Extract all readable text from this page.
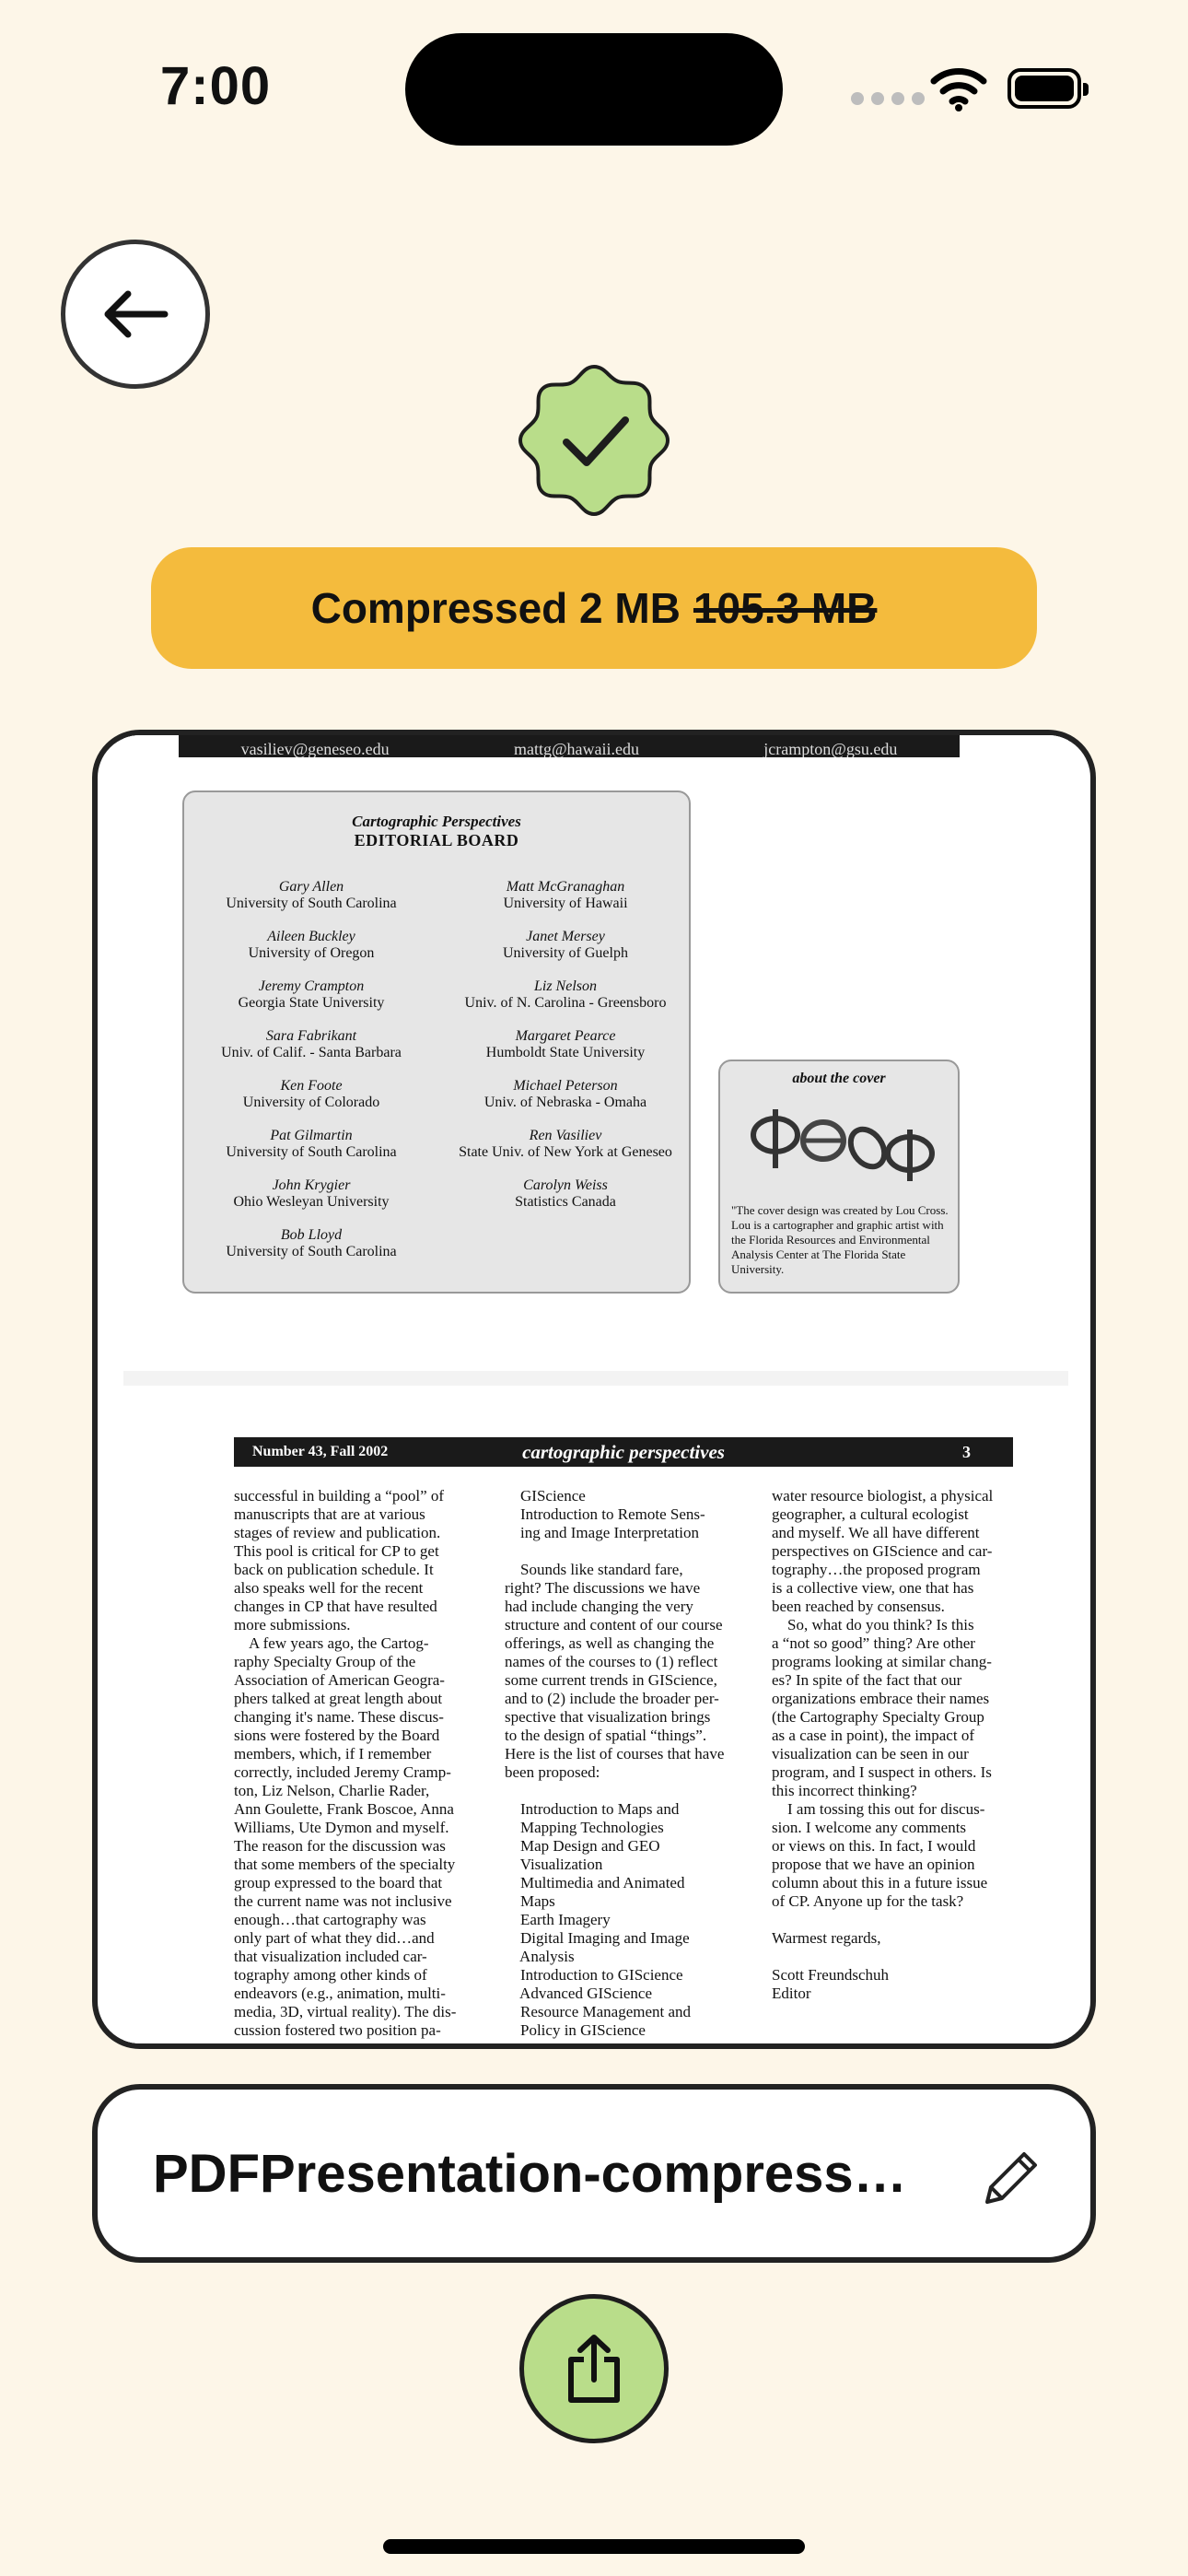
7:00
Compressed 2 MB 105.3 MB
vasiliev@geneseo.edu	mattg@hawaii.edu	jcrampton@gsu.edu
Cartographic Perspectives
EDITORIAL BOARD
Gary Allen
University of South Carolina
Aileen Buckley
University of Oregon
Jeremy Crampton
Georgia State University
Sara Fabrikant
Univ. of Calif. - Santa Barbara
Ken Foote
University of Colorado
Pat Gilmartin
University of South Carolina
John Krygier
Ohio Wesleyan University
Bob Lloyd
University of South Carolina
Matt McGranaghan
University of Hawaii
Janet Mersey
University of Guelph
Liz Nelson
Univ. of N. Carolina - Greensboro
Margaret Pearce
Humboldt State University
Michael Peterson
Univ. of Nebraska - Omaha
Ren Vasiliev
State Univ. of New York at Geneseo
Carolyn Weiss
Statistics Canada
about the cover
"The cover design was created by Lou Cross. Lou is a cartographer and graphic artist with the Florida Resources and Environmental Analysis Center at The Florida State University.
Number 43, Fall 2002	cartographic perspectives	3
successful in building a “pool” of
manuscripts that are at various
stages of review and publication.
This pool is critical for CP to get
back on publication schedule. It
also speaks well for the recent
changes in CP that have resulted
more submissions.
A few years ago, the Cartog-
raphy Specialty Group of the
Association of American Geogra-
phers talked at great length about
changing it's name. These discus-
sions were fostered by the Board
members, which, if I remember
correctly, included Jeremy Cramp-
ton, Liz Nelson, Charlie Rader,
Ann Goulette, Frank Boscoe, Anna
Williams, Ute Dymon and myself.
The reason for the discussion was
that some members of the specialty
group expressed to the board that
the current name was not inclusive
enough…that cartography was
only part of what they did…and
that visualization included car-
tography among other kinds of
endeavors (e.g., animation, multi-
media, 3D, virtual reality). The dis-
cussion fostered two position pa-
GIScience
Introduction to Remote Sens-
ing and Image Interpretation

Sounds like standard fare,
right? The discussions we have
had include changing the very
structure and content of our course
offerings, as well as changing the
names of the courses to (1) reflect
some current trends in GIScience,
and to (2) include the broader per-
spective that visualization brings
to the design of spatial “things”.
Here is the list of courses that have
been proposed:

Introduction to Maps and
Mapping Technologies
Map Design and GEO
Visualization
Multimedia and Animated
Maps
Earth Imagery
Digital Imaging and Image
Analysis
Introduction to GIScience
Advanced GIScience
Resource Management and
Policy in GIScience
water resource biologist, a physical
geographer, a cultural ecologist
and myself. We all have different
perspectives on GIScience and car-
tography…the proposed program
is a collective view, one that has
been reached by consensus.
So, what do you think? Is this
a “not so good” thing? Are other
programs looking at similar chang-
es? In spite of the fact that our
organizations embrace their names
(the Cartography Specialty Group
as a case in point), the impact of
visualization can be seen in our
program, and I suspect in others. Is
this incorrect thinking?
I am tossing this out for discus-
sion. I welcome any comments
or views on this. In fact, I would
propose that we have an opinion
column about this in a future issue
of CP. Anyone up for the task?

Warmest regards,

Scott Freundschuh
Editor
PDFPresentation-compress…
